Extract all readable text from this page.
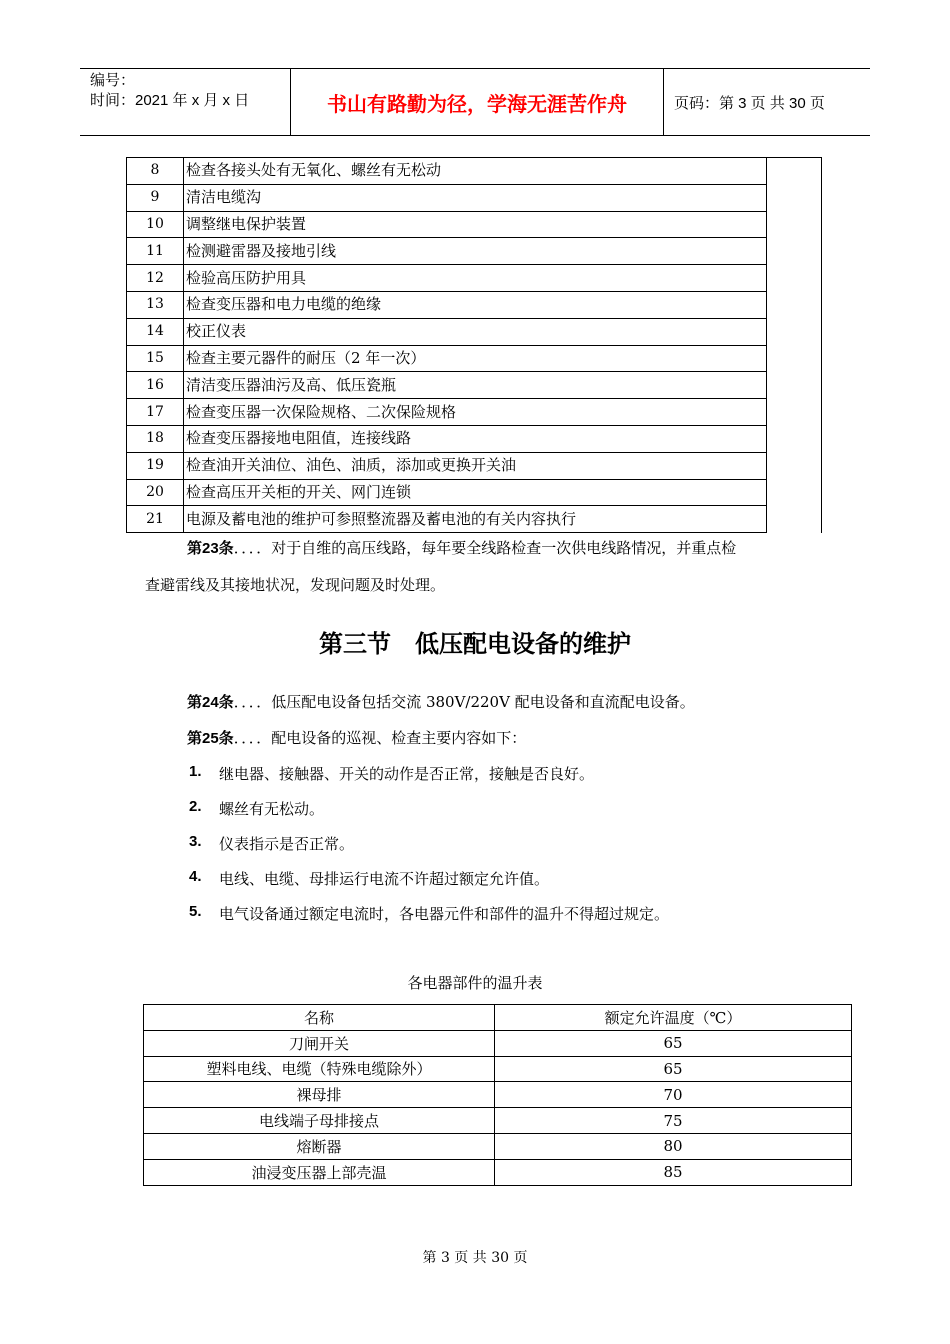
编号：
时间：2021 年 x 月 x 日	书山有路勤为径，学海无涯苦作舟	页码：第 3 页 共 30 页
8	检查各接头处有无氧化、螺丝有无松动
9	清洁电缆沟
10	调整继电保护装置
11	检测避雷器及接地引线
12	检验高压防护用具
13	检查变压器和电力电缆的绝缘
14	校正仪表
15	检查主要元器件的耐压（2 年一次）
16	清洁变压器油污及高、低压瓷瓶
17	检查变压器一次保险规格、二次保险规格
18	检查变压器接地电阻值，连接线路
19	检查油开关油位、油色、油质，添加或更换开关油
20	检查高压开关柜的开关、网门连锁
21	电源及蓄电池的维护可参照整流器及蓄电池的有关内容执行
第23条．．．．对于自维的高压线路，每年要全线路检查一次供电线路情况，并重点检
查避雷线及其接地状况，发现问题及时处理。
第三节　低压配电设备的维护
第24条．．．．低压配电设备包括交流 380V/220V 配电设备和直流配电设备。
第25条．．．．配电设备的巡视、检查主要内容如下：
1. 继电器、接触器、开关的动作是否正常，接触是否良好。
2. 螺丝有无松动。
3. 仪表指示是否正常。
4. 电线、电缆、母排运行电流不许超过额定允许值。
5. 电气设备通过额定电流时，各电器元件和部件的温升不得超过规定。
各电器部件的温升表
名称	额定允许温度（℃）
刀闸开关	65
塑料电线、电缆（特殊电缆除外）	65
裸母排	70
电线端子母排接点	75
熔断器	80
油浸变压器上部壳温	85
第 3 页 共 30 页
